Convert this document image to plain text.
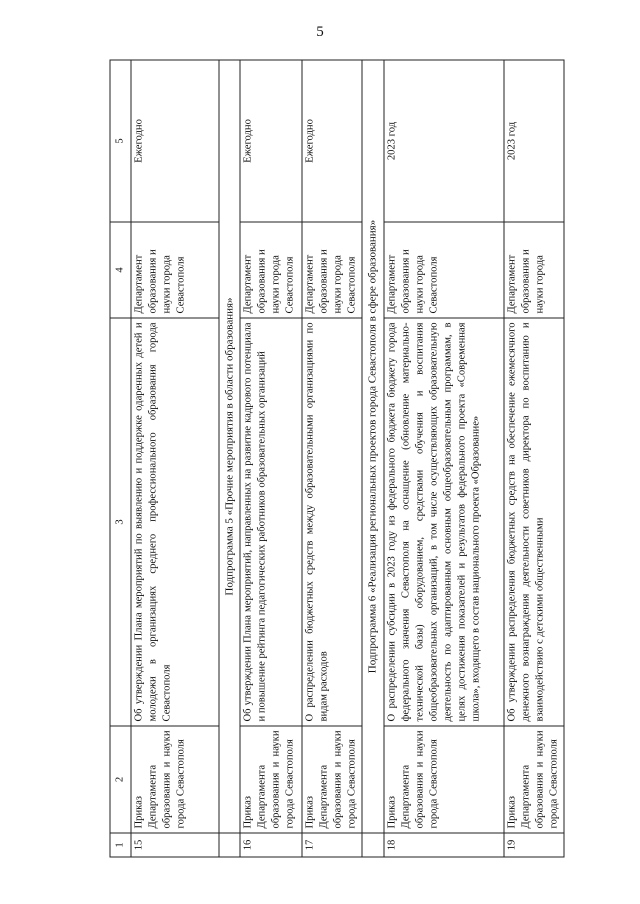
5
1	2	3	4	5
15	Приказ Департамента образования и науки города Севастополя	Об утверждении Плана мероприятий по выявлению и поддержке одаренных детей и молодежи в организациях среднего профессионального образования города Севастополя	Департамент образования и науки города Севастополя	Ежегодно
	Подпрограмма 5 «Прочие мероприятия в области образования»			
16	Приказ Департамента образования и науки города Севастополя	Об утверждении Плана мероприятий, направленных на развитие кадрового потенциала и повышение рейтинга педагогических работников образовательных организаций	Департамент образования и науки города Севастополя	Ежегодно
17	Приказ Департамента образования и науки города Севастополя	О распределении бюджетных средств между образовательными организациями по видам расходов	Департамент образования и науки города Севастополя	Ежегодно
	Подпрограмма 6 «Реализация региональных проектов города Севастополя в сфере образования»			
18	Приказ Департамента образования и науки города Севастополя	О распределении субсидии в 2023 году из федерального бюджета бюджету города федерального значения Севастополя на оснащение (обновление материально-технической базы) оборудованием, средствами обучения и воспитания общеобразовательных организаций, в том числе осуществляющих образовательную деятельность по адаптированным основным общеобразовательным программам, в целях достижения показателей и результатов федерального проекта «Современная школа», входящего в состав национального проекта «Образование»	Департамент образования и науки города Севастополя	2023 год
19	Приказ Департамента образования и науки города Севастополя	Об утверждении распределения бюджетных средств на обеспечение ежемесячного денежного вознаграждения деятельности советников директора по воспитанию и взаимодействию с детскими общественными	Департамент образования и науки города	2023 год
